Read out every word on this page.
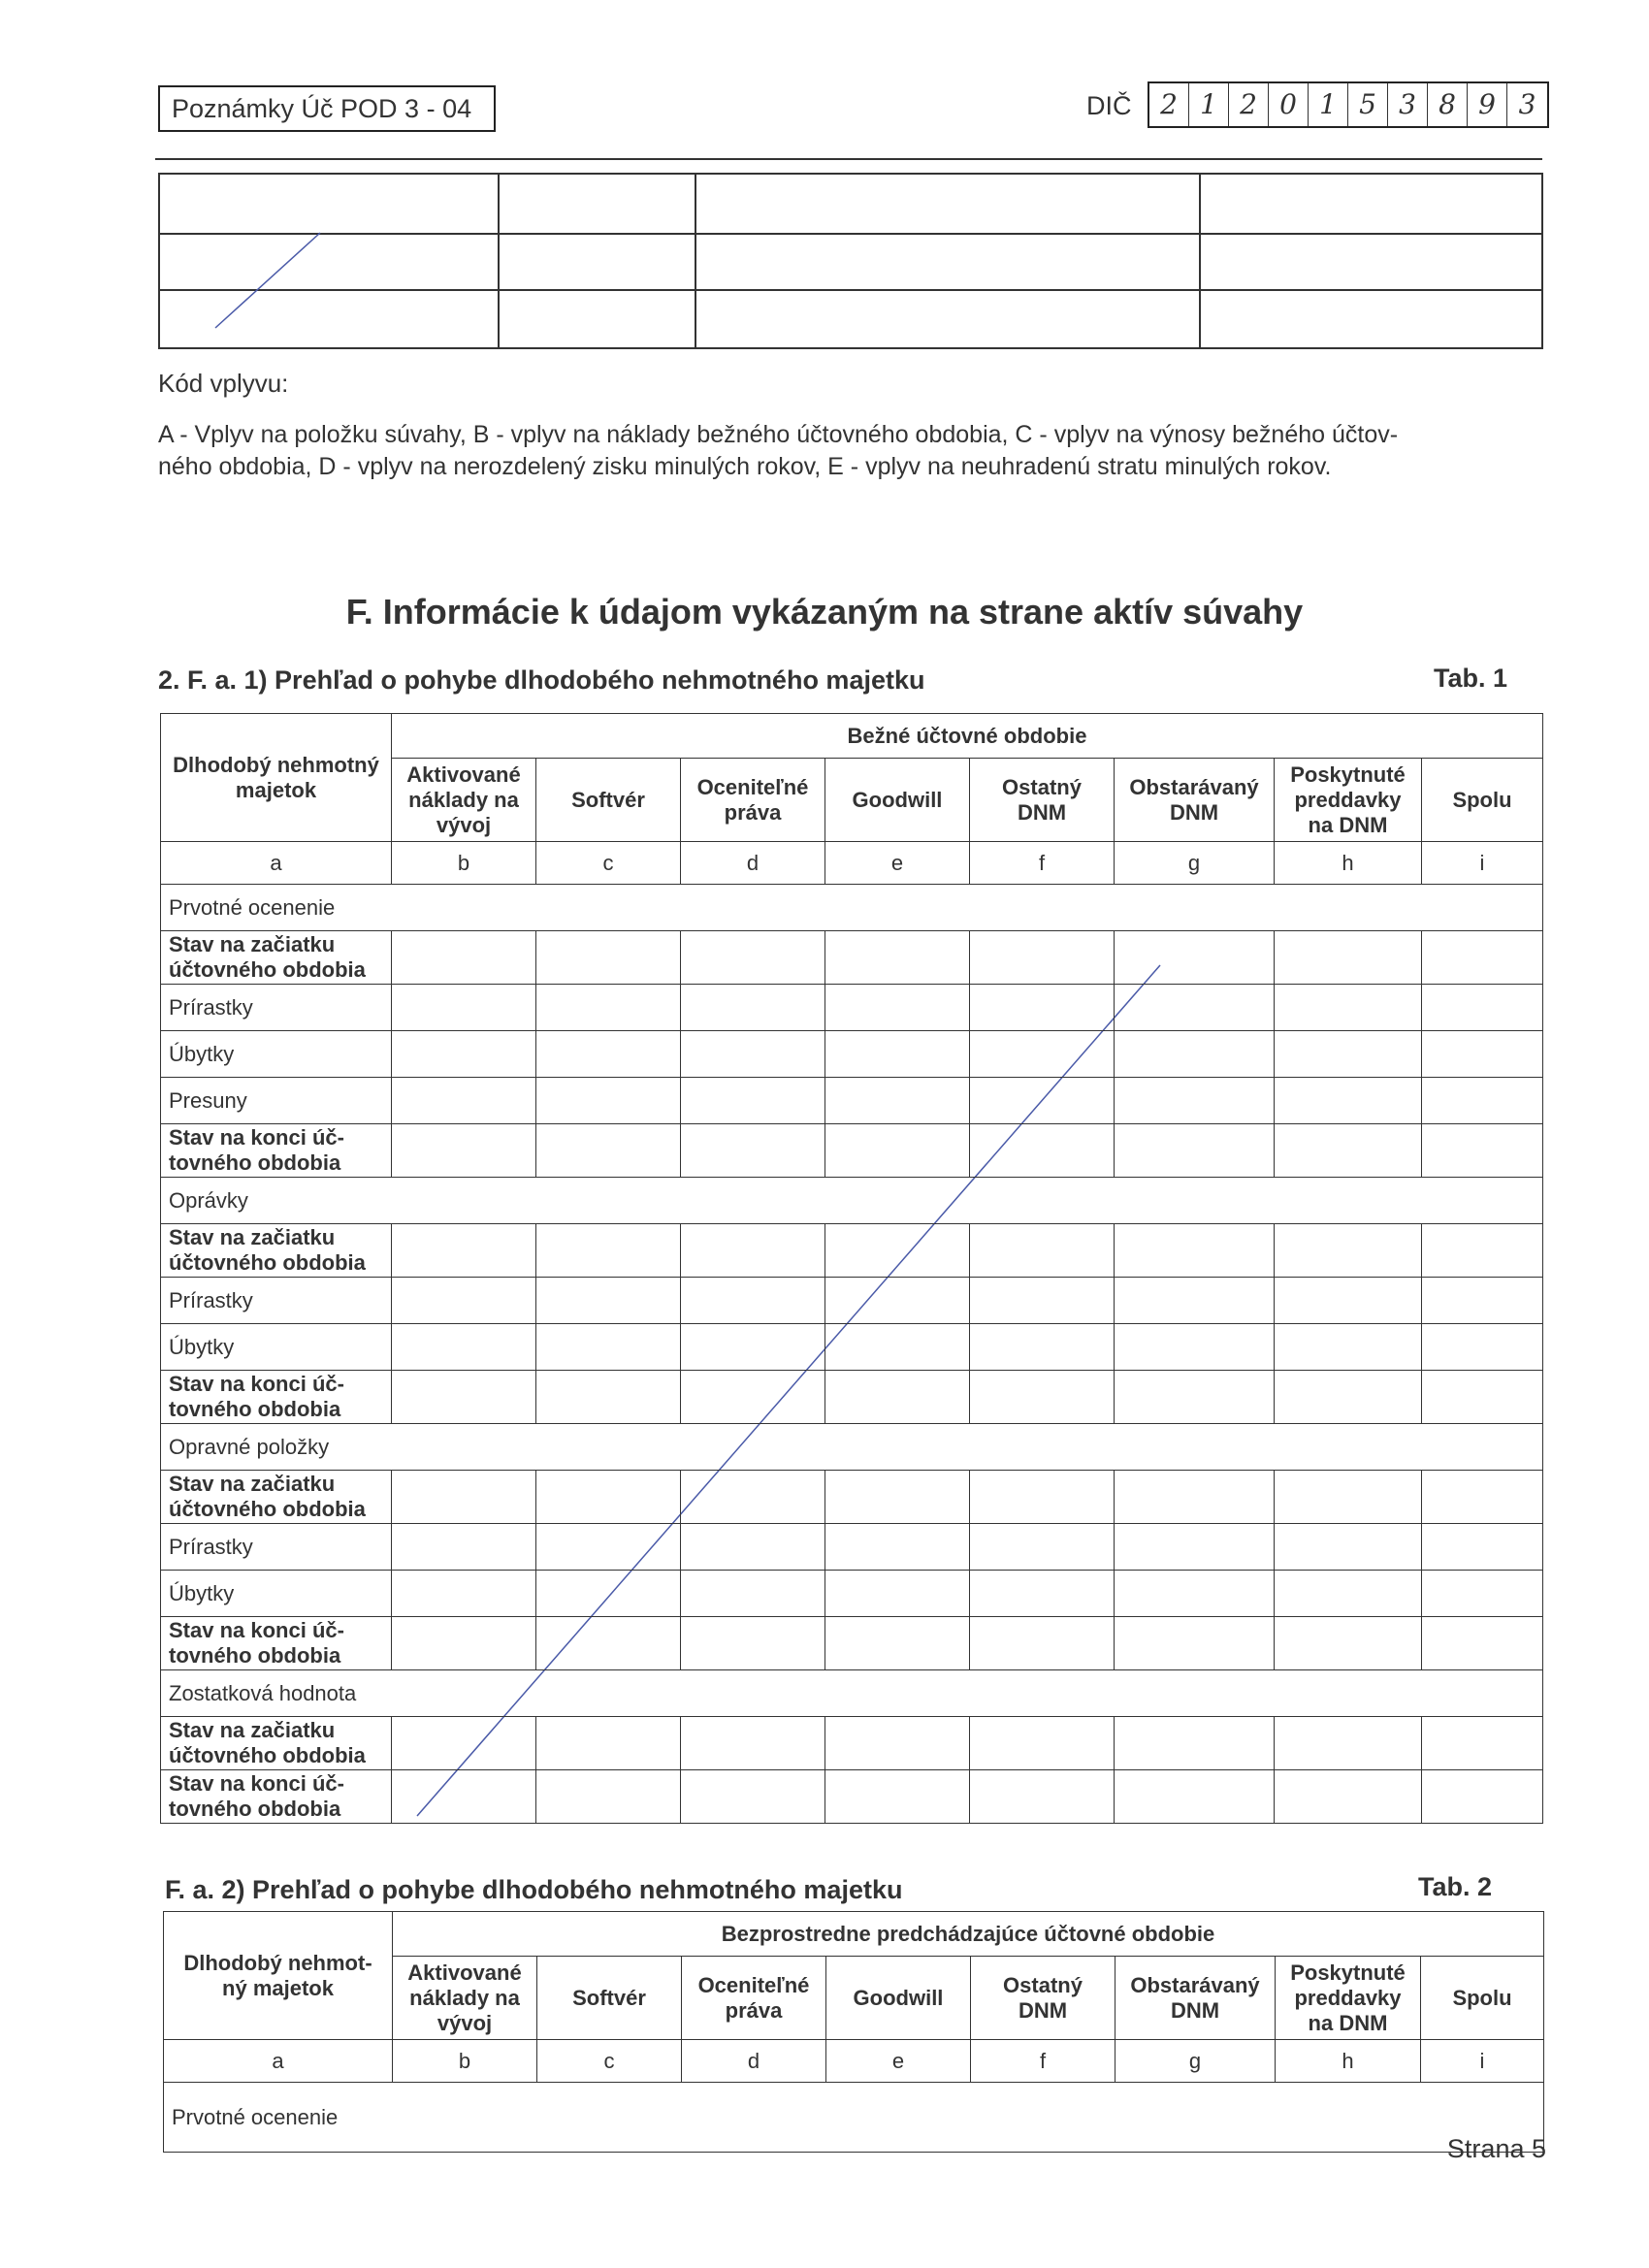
Poznámky Úč POD 3 - 04	DIČ	2 1 2 0 1 5 3 8 9 3

Kód vplyvu:
A - Vplyv na položku súvahy, B - vplyv na náklady bežného účtovného obdobia, C - vplyv na výnosy bežného účtov-
ného obdobia, D - vplyv na nerozdelený zisku minulých rokov, E - vplyv na neuhradenú stratu minulých rokov.
F. Informácie k údajom vykázaným na strane aktív súvahy
2. F. a. 1) Prehľad o pohybe dlhodobého nehmotného majetku	Tab. 1
Dlhodobý nehmotný majetok	Bežné účtovné obdobie							
	Aktivované náklady na vývoj	Softvér	Oceniteľné práva	Goodwill	Ostatný DNM	Obstarávaný DNM	Poskytnuté preddavky na DNM	Spolu
a	b	c	d	e	f	g	h	i
Prvotné ocenenie								
Stav na začiatku účtovného obdobia								
Prírastky								
Úbytky								
Presuny								
Stav na konci úč-tovného obdobia								
Oprávky								
Stav na začiatku účtovného obdobia								
Prírastky								
Úbytky								
Stav na konci úč-tovného obdobia								
Opravné položky								
Stav na začiatku účtovného obdobia								
Prírastky								
Úbytky								
Stav na konci úč-tovného obdobia								
Zostatková hodnota								
Stav na začiatku účtovného obdobia								
Stav na konci úč-tovného obdobia								
F. a. 2) Prehľad o pohybe dlhodobého nehmotného majetku	Tab. 2
Dlhodobý nehmot-ný majetok	Bezprostredne predchádzajúce účtovné obdobie							
	Aktivované náklady na vývoj	Softvér	Oceniteľné práva	Goodwill	Ostatný DNM	Obstarávaný DNM	Poskytnuté preddavky na DNM	Spolu
a	b	c	d	e	f	g	h	i
Prvotné ocenenie								
Strana 5
